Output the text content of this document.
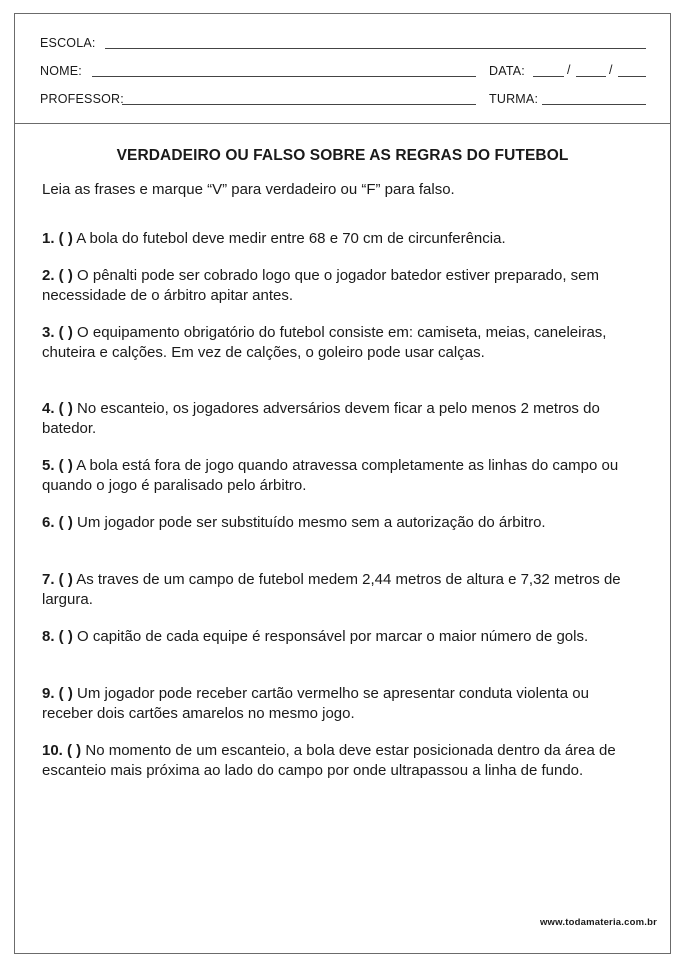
ESCOLA:
NOME:	DATA:	/	/
PROFESSOR:	TURMA:
VERDADEIRO OU FALSO SOBRE AS REGRAS DO FUTEBOL
Leia as frases e marque “V” para verdadeiro ou “F” para falso.
1. ( ) A bola do futebol deve medir entre 68 e 70 cm de circunferência.
2. ( ) O pênalti pode ser cobrado logo que o jogador batedor estiver preparado, sem necessidade de o árbitro apitar antes.
3. ( ) O equipamento obrigatório do futebol consiste em: camiseta, meias, caneleiras, chuteira e calções. Em vez de calções, o goleiro pode usar calças.
4. ( ) No escanteio, os jogadores adversários devem ficar a pelo menos 2 metros do batedor.
5. ( ) A bola está fora de jogo quando atravessa completamente as linhas do campo ou quando o jogo é paralisado pelo árbitro.
6. ( ) Um jogador pode ser substituído mesmo sem a autorização do árbitro.
7. ( ) As traves de um campo de futebol medem 2,44 metros de altura e 7,32 metros de largura.
8. ( ) O capitão de cada equipe é responsável por marcar o maior número de gols.
9. ( ) Um jogador pode receber cartão vermelho se apresentar conduta violenta ou receber dois cartões amarelos no mesmo jogo.
10. ( ) No momento de um escanteio, a bola deve estar posicionada dentro da área de escanteio mais próxima ao lado do campo por onde ultrapassou a linha de fundo.
www.todamateria.com.br
